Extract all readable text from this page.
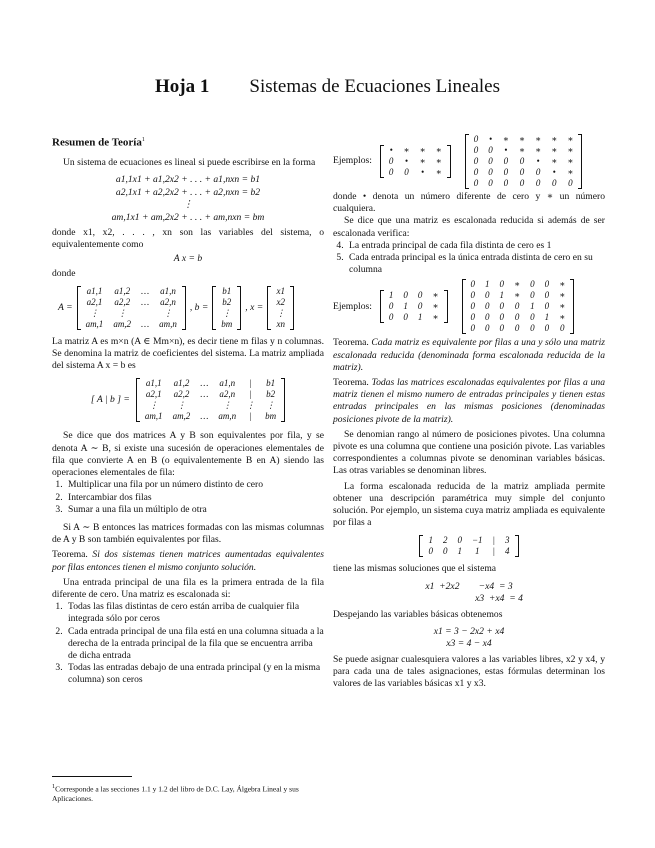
Hoja 1 Sistemas de Ecuaciones Lineales
Resumen de Teoría$^1$

Un sistema de ecuaciones es lineal si puede escribirse en la forma

a1,1x1 + a1,2x2 + . . . + a1,nxn = b1
a2,1x1 + a2,2x2 + . . . + a2,nxn = b2
⋮
am,1x1 + am,2x2 + . . . + am,nxn = bm

donde x1, x2, . . . , xn son las variables del sistema, o equivalentemente como

A x = b

donde

A =
a1,1	a1,2	…	a1,n
a2,1	a2,2	…	a2,n
⋮	⋮		⋮
am,1	am,2	…	am,n
, b =
b1
b2
⋮
bm
, x =
x1
x2
⋮
xn

La matriz A es m×n (A ∈ Mm×n), es decir tiene m filas y n columnas. Se denomina la matriz de coeficientes del sistema. La matriz ampliada del sistema A x = b es

[ A | b ] =
a1,1	a1,2	…	a1,n	|	b1
a2,1	a2,2	…	a2,n	|	b2
⋮	⋮		⋮	⋮	⋮
am,1	am,2	…	am,n	|	bm

Se dice que dos matrices A y B son equivalentes por fila, y se denota A ∼ B, si existe una sucesión de operaciones elementales de fila que convierte A en B (o equivalentemente B en A) siendo las operaciones elementales de fila:

1. Multiplicar una fila por un número distinto de cero
2. Intercambiar dos filas
3. Sumar a una fila un múltiplo de otra

Si A ∼ B entonces las matrices formadas con las mismas columnas de A y B son también equivalentes por filas.

Teorema. Si dos sistemas tienen matrices aumentadas equivalentes por filas entonces tienen el mismo conjunto solución.

Una entrada principal de una fila es la primera entrada de la fila diferente de cero. Una matriz es escalonada si:

1. Todas las filas distintas de cero están arriba de cualquier fila integrada sólo por ceros
2. Cada entrada principal de una fila está en una columna situada a la derecha de la entrada principal de la fila que se encuentra arriba de dicha entrada
3. Todas las entradas debajo de una entrada principal (y en la misma columna) son ceros
$^1$Corresponde a las secciones 1.1 y 1.2 del libro de D.C. Lay, Álgebra Lineal y sus Aplicaciones.
Ejemplos:
•	∗	∗	∗
0	•	∗	∗
0	0	•	∗
0	•	∗	∗	∗	∗	∗
0	0	•	∗	∗	∗	∗
0	0	0	0	•	∗	∗
0	0	0	0	0	•	∗
0	0	0	0	0	0	0

donde • denota un número diferente de cero y ∗ un número cualquiera.

Se dice que una matriz es escalonada reducida si además de ser escalonada verifica:

4. La entrada principal de cada fila distinta de cero es 1
5. Cada entrada principal es la única entrada distinta de cero en su columna
Ejemplos:
1	0	0	∗
0	1	0	∗
0	0	1	∗
0	1	0	∗	0	0	∗
0	0	1	∗	0	0	∗
0	0	0	0	1	0	∗
0	0	0	0	0	1	∗
0	0	0	0	0	0	0

Teorema. Cada matriz es equivalente por filas a una y sólo una matriz escalonada reducida (denominada forma escalonada reducida de la matriz).

Teorema. Todas las matrices escalonadas equivalentes por filas a una matriz tienen el mismo numero de entradas principales y tienen estas entradas principales en las mismas posiciones (denominadas posiciones pivote de la matriz).

Se denomian rango al número de posiciones pivotes. Una columna pivote es una columna que contiene una posición pivote. Las variables correspondientes a columnas pivote se denominan variables básicas. Las otras variables se denominan libres.

La forma escalonada reducida de la matriz ampliada permite obtener una descripción paramétrica muy simple del conjunto solución. Por ejemplo, un sistema cuya matriz ampliada es equivalente por filas a

1	2	0	−1	|	3
0	0	1	1	|	4

tiene las mismas soluciones que el sistema

x1  +2x2        −x4  = 3
x3  +x4  = 4

Despejando las variables básicas obtenemos

x1 = 3 − 2x2 + x4
x3 = 4 − x4

Se puede asignar cualesquiera valores a las variables libres, x2 y x4, y para cada una de tales asignaciones, estas fórmulas determinan los valores de las variables básicas x1 y x3.
